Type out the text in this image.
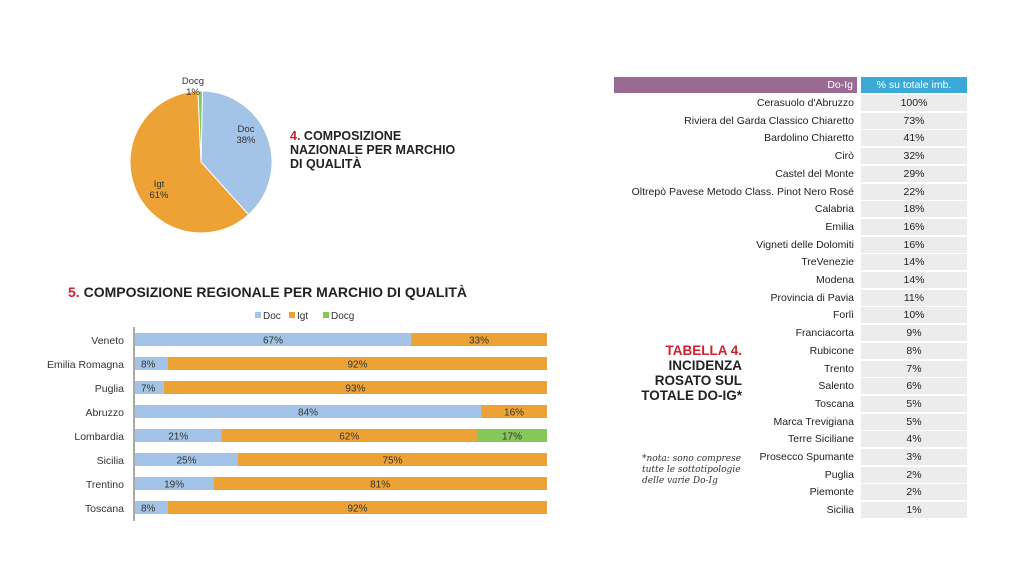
Doc
38%
Igt
61%
Docg
1%
4. COMPOSIZIONE NAZIONALE PER MARCHIO DI QUALITÀ
5. COMPOSIZIONE REGIONALE PER MARCHIO DI QUALITÀ
Doc Igt Docg
Veneto	67%	33%
Emilia Romagna 8%	92%
Puglia 7%	93%
Abruzzo	84%	16%
Lombardia	21%	62%	17%
Sicilia	25%	75%
Trentino	19%	81%
Toscana 8%	92%
Do-Ig	% su totale imb.
Cerasuolo d'Abruzzo	100%
Riviera del Garda Classico Chiaretto	73%
Bardolino Chiaretto	41%
Cirò	32%
Castel del Monte	29%
Oltrepò Pavese Metodo Class. Pinot Nero Rosé	22%
Calabria	18%
Emilia	16%
Vigneti delle Dolomiti	16%
TreVenezie	14%
Modena	14%
Provincia di Pavia	11%
Forlì	10%
Franciacorta	9%
Rubicone	8%
Trento	7%
Salento	6%
Toscana	5%
Marca Trevigiana	5%
Terre Siciliane	4%
Prosecco Spumante	3%
Puglia	2%
Piemonte	2%
Sicilia	1%
TABELLA 4.
INCIDENZA ROSATO SUL TOTALE DO-IG*
*nota: sono comprese tutte le sottotipologie delle varie Do-Ig
